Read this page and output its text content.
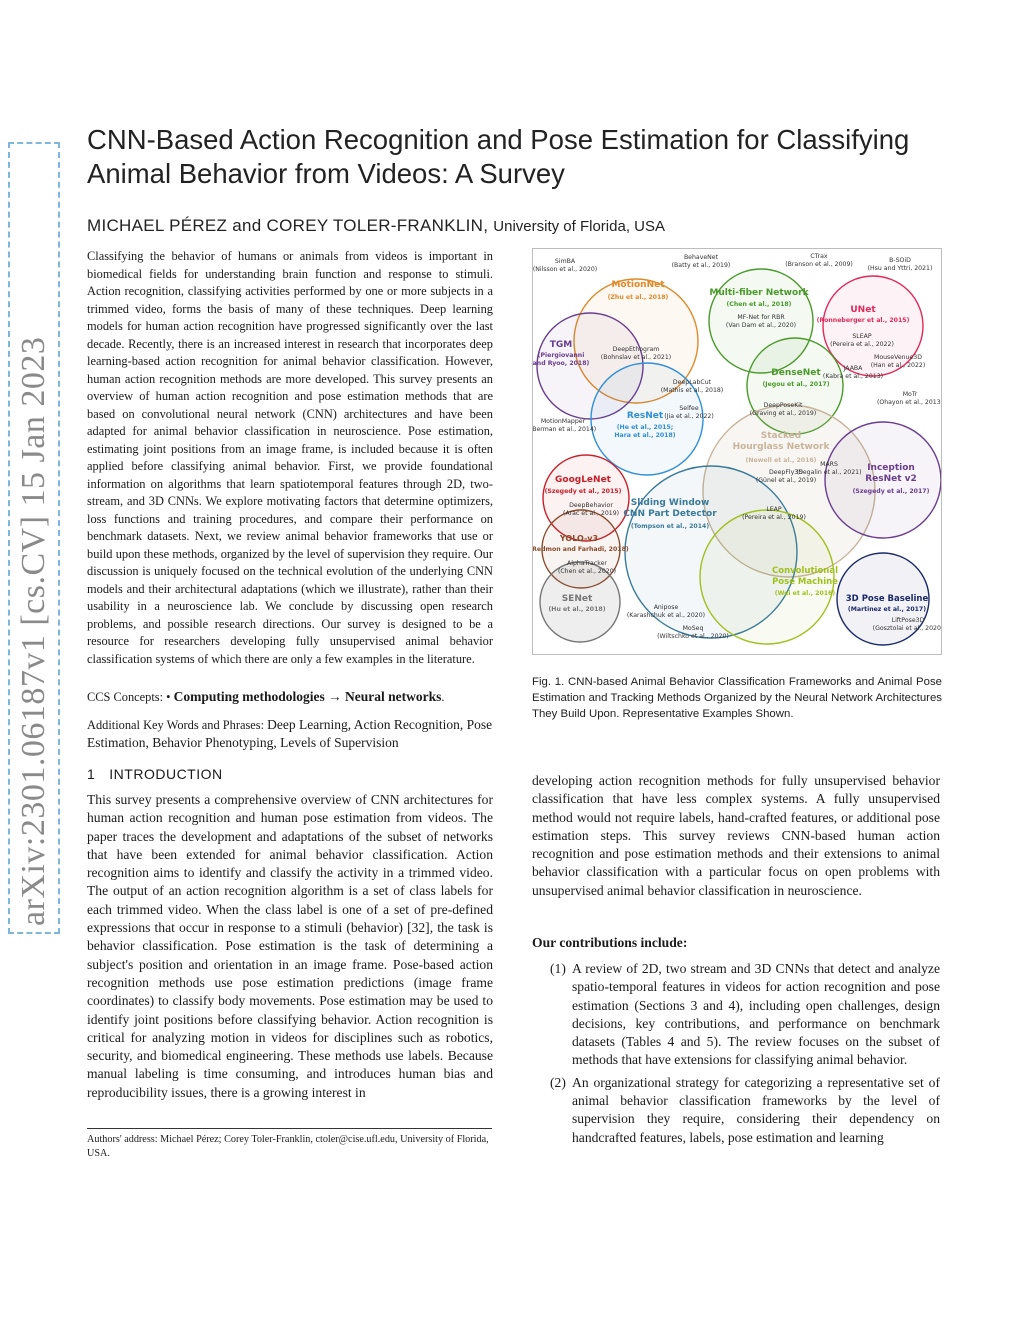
arXiv:2301.06187v1 [cs.CV] 15 Jan 2023
CNN-Based Action Recognition and Pose Estimation for Classifying Animal Behavior from Videos: A Survey
MICHAEL PÉREZ and COREY TOLER-FRANKLIN, University of Florida, USA

Classifying the behavior of humans or animals from videos is important in biomedical fields for understanding brain function and response to stimuli. Action recognition, classifying activities performed by one or more subjects in a trimmed video, forms the basis of many of these techniques. Deep learning models for human action recognition have progressed significantly over the last decade. Recently, there is an increased interest in research that incorporates deep learning-based action recognition for animal behavior classification. However, human action recognition methods are more developed. This survey presents an overview of human action recognition and pose estimation methods that are based on convolutional neural network (CNN) architectures and have been adapted for animal behavior classification in neuroscience. Pose estimation, estimating joint positions from an image frame, is included because it is often applied before classifying animal behavior. First, we provide foundational information on algorithms that learn spatiotemporal features through 2D, two-stream, and 3D CNNs. We explore motivating factors that determine optimizers, loss functions and training procedures, and compare their performance on benchmark datasets. Next, we review animal behavior frameworks that use or build upon these methods, organized by the level of supervision they require. Our discussion is uniquely focused on the technical evolution of the underlying CNN models and their architectural adaptations (which we illustrate), rather than their usability in a neuroscience lab. We conclude by discussing open research problems, and possible research directions. Our survey is designed to be a resource for researchers developing fully unsupervised animal behavior classification systems of which there are only a few examples in the literature.

CCS Concepts: • Computing methodologies → Neural networks.
Additional Key Words and Phrases: Deep Learning, Action Recognition, Pose Estimation, Behavior Phenotyping, Levels of Supervision
1 INTRODUCTION
This survey presents a comprehensive overview of CNN architectures for human action recognition and human pose estimation from videos. The paper traces the development and adaptations of the subset of networks that have been extended for animal behavior classification. Action recognition aims to identify and classify the activity in a trimmed video. The output of an action recognition algorithm is a set of class labels for each trimmed video. When the class label is one of a set of pre-defined expressions that occur in response to a stimuli (behavior) [32], the task is behavior classification. Pose estimation is the task of determining a subject's position and orientation in an image frame. Pose-based action recognition methods use pose estimation predictions (image frame coordinates) to classify body movements. Pose estimation may be used to identify joint positions before classifying behavior. Action recognition is critical for analyzing motion in videos for disciplines such as robotics, security, and biomedical engineering. These methods use labels. Because manual labeling is time consuming, and introduces human bias and reproducibility issues, there is a growing interest in
Authors' address: Michael Pérez; Corey Toler-Franklin, ctoler@cise.ufl.edu, University of Florida, USA.
MotionNet
(Zhu et al., 2018)
TGM
(Piergiovanni and Ryoo, 2018)
ResNet
(He et al., 2015; Hara et al., 2018)
Multi-fiber Network
(Chen et al., 2018)
UNet
(Ronneberger et al., 2015)
DenseNet
(Jegou et al., 2017)
Stacked Hourglass Network
(Newell et al., 2016)
Inception ResNet v2
(Szegedy et al., 2017)
GoogLeNet
(Szegedy et al., 2015)
YOLO-v3
(Redmon and Farhadi, 2018)
SENet
(Hu et al., 2018)
Sliding Window CNN Part Detector
(Tompson et al., 2014)
Convolutional Pose Machine
(Wei et al., 2016)
3D Pose Baseline
(Martinez et al., 2017)
SimBA (Nilsson et al., 2020)
BehaveNet (Batty et al., 2019)
CTrax (Branson et al., 2009)
B-SOiD (Hsu and Yttri, 2021)
MF-Net for RBR (Van Dam et al., 2020)
DeepEthogram (Bohnslav et al., 2021)
SLEAP (Pereira et al., 2022)
MouseVenue3D (Han et al., 2022)
JAABA (Kabra et al., 2013)
DeepLabCut (Mathis et al., 2018)
MoTr (Ohayon et al., 2013)
Selfee (Jia et al., 2022)
DeepPoseKit (Graving et al., 2019)
MotionMapper (Berman et al., 2014)
MARS (Segalin et al., 2021)
DeepFly3D (Günel et al., 2019)
DeepBehavior (Arac et al., 2019)
LEAP (Pereira et al., 2019)
AlphaTracker (Chen et al., 2020)
LiftPose3D (Gosztolai et al., 2020)
Anipose (Karashchuk et al., 2020)
MoSeq (Wiltschko et al., 2020)
Fig. 1. CNN-based Animal Behavior Classification Frameworks and Animal Pose Estimation and Tracking Methods Organized by the Neural Network Architectures They Build Upon. Representative Examples Shown.
developing action recognition methods for fully unsupervised behavior classification that have less complex systems. A fully unsupervised method would not require labels, hand-crafted features, or additional pose estimation steps. This survey reviews CNN-based human action recognition and pose estimation methods and their extensions to animal behavior classification with a particular focus on open problems with unsupervised animal behavior classification in neuroscience.
Our contributions include:
(1) A review of 2D, two stream and 3D CNNs that detect and analyze spatio-temporal features in videos for action recognition and pose estimation (Sections 3 and 4), including open challenges, design decisions, key contributions, and performance on benchmark datasets (Tables 4 and 5). The review focuses on the subset of methods that have extensions for classifying animal behavior.
(2) An organizational strategy for categorizing a representative set of animal behavior classification frameworks by the level of supervision they require, considering their dependency on handcrafted features, labels, pose estimation and learning
